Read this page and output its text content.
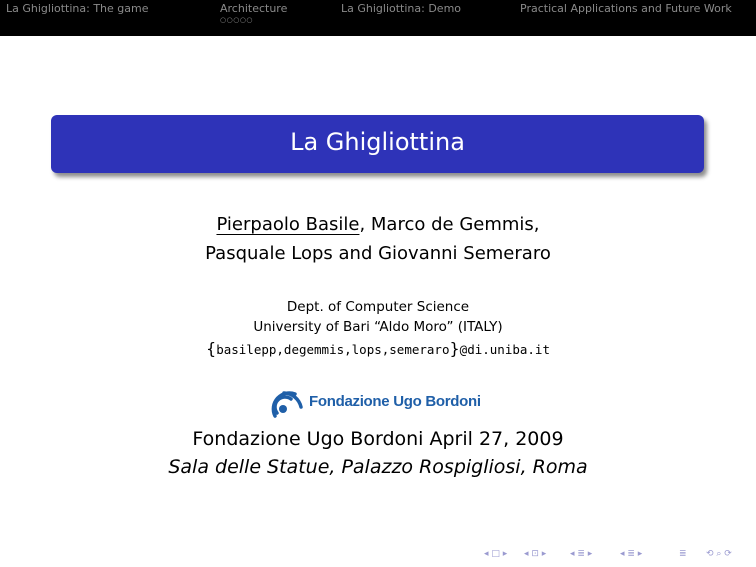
La Ghigliottina: The game	Architecture
○○○○○
La Ghigliottina: Demo	Practical Applications and Future Work
La Ghigliottina
Pierpaolo Basile, Marco de Gemmis,
Pasquale Lops and Giovanni Semeraro
Dept. of Computer Science
University of Bari “Aldo Moro” (ITALY)
{basilepp,degemmis,lops,semeraro}@di.uniba.it
Fondazione Ugo Bordoni
Fondazione Ugo Bordoni April 27, 2009
Sala delle Statue, Palazzo Rospigliosi, Roma
◂ □ ▸ ◂ ⊡ ▸	◂ ≣ ▸	◂ ≣ ▸	≣ ⟲ ⌕ ⟳
